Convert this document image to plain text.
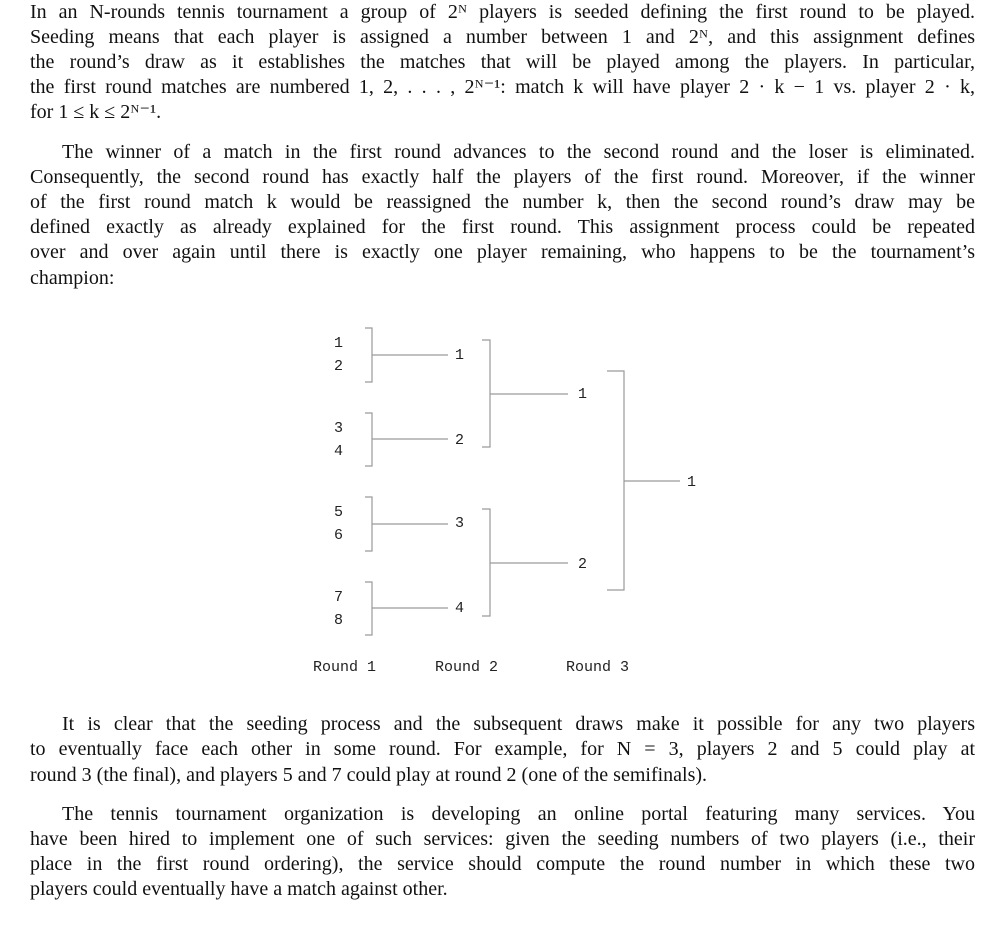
In an N-rounds tennis tournament a group of 2ᴺ players is seeded defining the first round to be played.
Seeding means that each player is assigned a number between 1 and 2ᴺ, and this assignment defines
the round’s draw as it establishes the matches that will be played among the players. In particular,
the first round matches are numbered 1, 2, . . . , 2ᴺ⁻¹: match k will have player 2 · k − 1 vs. player 2 · k,
for 1 ≤ k ≤ 2ᴺ⁻¹.
The winner of a match in the first round advances to the second round and the loser is eliminated.
Consequently, the second round has exactly half the players of the first round. Moreover, if the winner
of the first round match k would be reassigned the number k, then the second round’s draw may be
defined exactly as already explained for the first round. This assignment process could be repeated
over and over again until there is exactly one player remaining, who happens to be the tournament’s
champion:
1
2
3
4
5
6
7
8
1
2
3
4
1
2
1
Round 1	Round 2	Round 3
It is clear that the seeding process and the subsequent draws make it possible for any two players
to eventually face each other in some round. For example, for N = 3, players 2 and 5 could play at
round 3 (the final), and players 5 and 7 could play at round 2 (one of the semifinals).
The tennis tournament organization is developing an online portal featuring many services. You
have been hired to implement one of such services: given the seeding numbers of two players (i.e., their
place in the first round ordering), the service should compute the round number in which these two
players could eventually have a match against other.
